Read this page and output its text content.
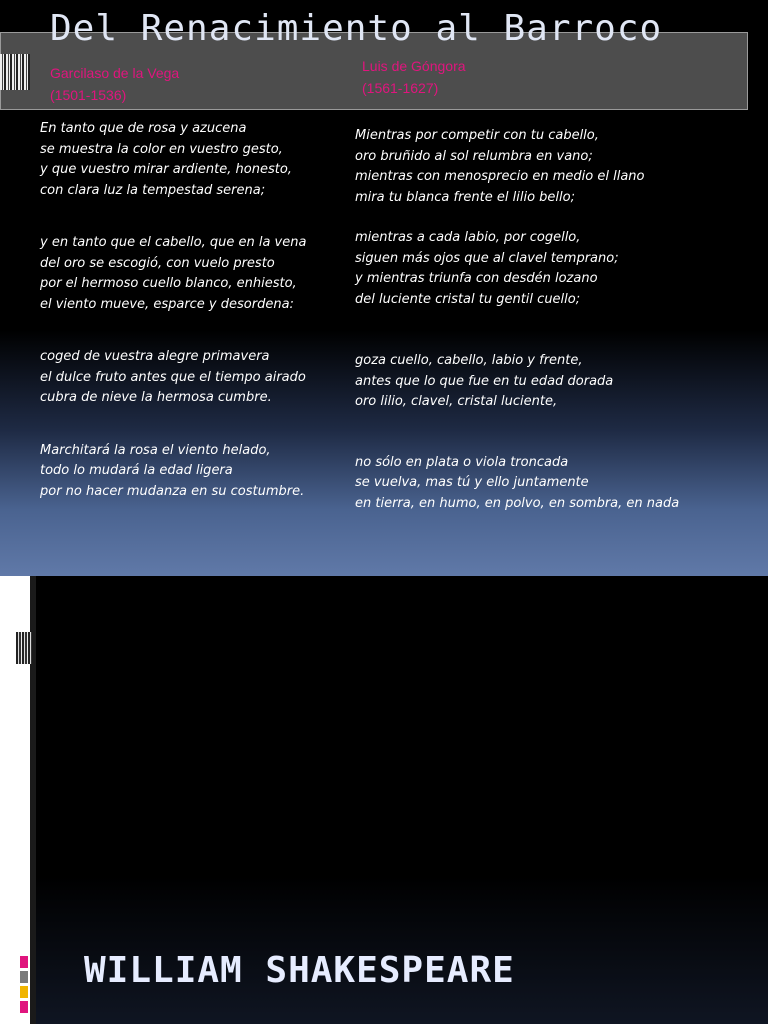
Del Renacimiento al Barroco
Garcilaso de la Vega
(1501-1536)
Luis de Góngora
(1561-1627)
En tanto que de rosa y azucena
se muestra la color en vuestro gesto,
y que vuestro mirar ardiente, honesto,
con clara luz la tempestad serena;
y en tanto que el cabello, que en la vena
del oro se escogió, con vuelo presto
por el hermoso cuello blanco, enhiesto,
el viento mueve, esparce y desordena:
coged de vuestra alegre primavera
el dulce fruto antes que el tiempo airado
cubra de nieve la hermosa cumbre.
Marchitará la rosa el viento helado,
todo lo mudará la edad ligera
por no hacer mudanza en su costumbre.
Mientras por competir con tu cabello,
oro bruñido al sol relumbra en vano;
mientras con menosprecio en medio el llano
mira tu blanca frente el lilio bello;
mientras a cada labio, por cogello,
siguen más ojos que al clavel temprano;
y mientras triunfa con desdén lozano
del luciente cristal tu gentil cuello;
goza cuello, cabello, labio y frente,
antes que lo que fue en tu edad dorada
oro lilio, clavel, cristal luciente,
no sólo en plata o viola troncada
se vuelva, mas tú y ello juntamente
en tierra, en humo, en polvo, en sombra, en nada
WILLIAM SHAKESPEARE
